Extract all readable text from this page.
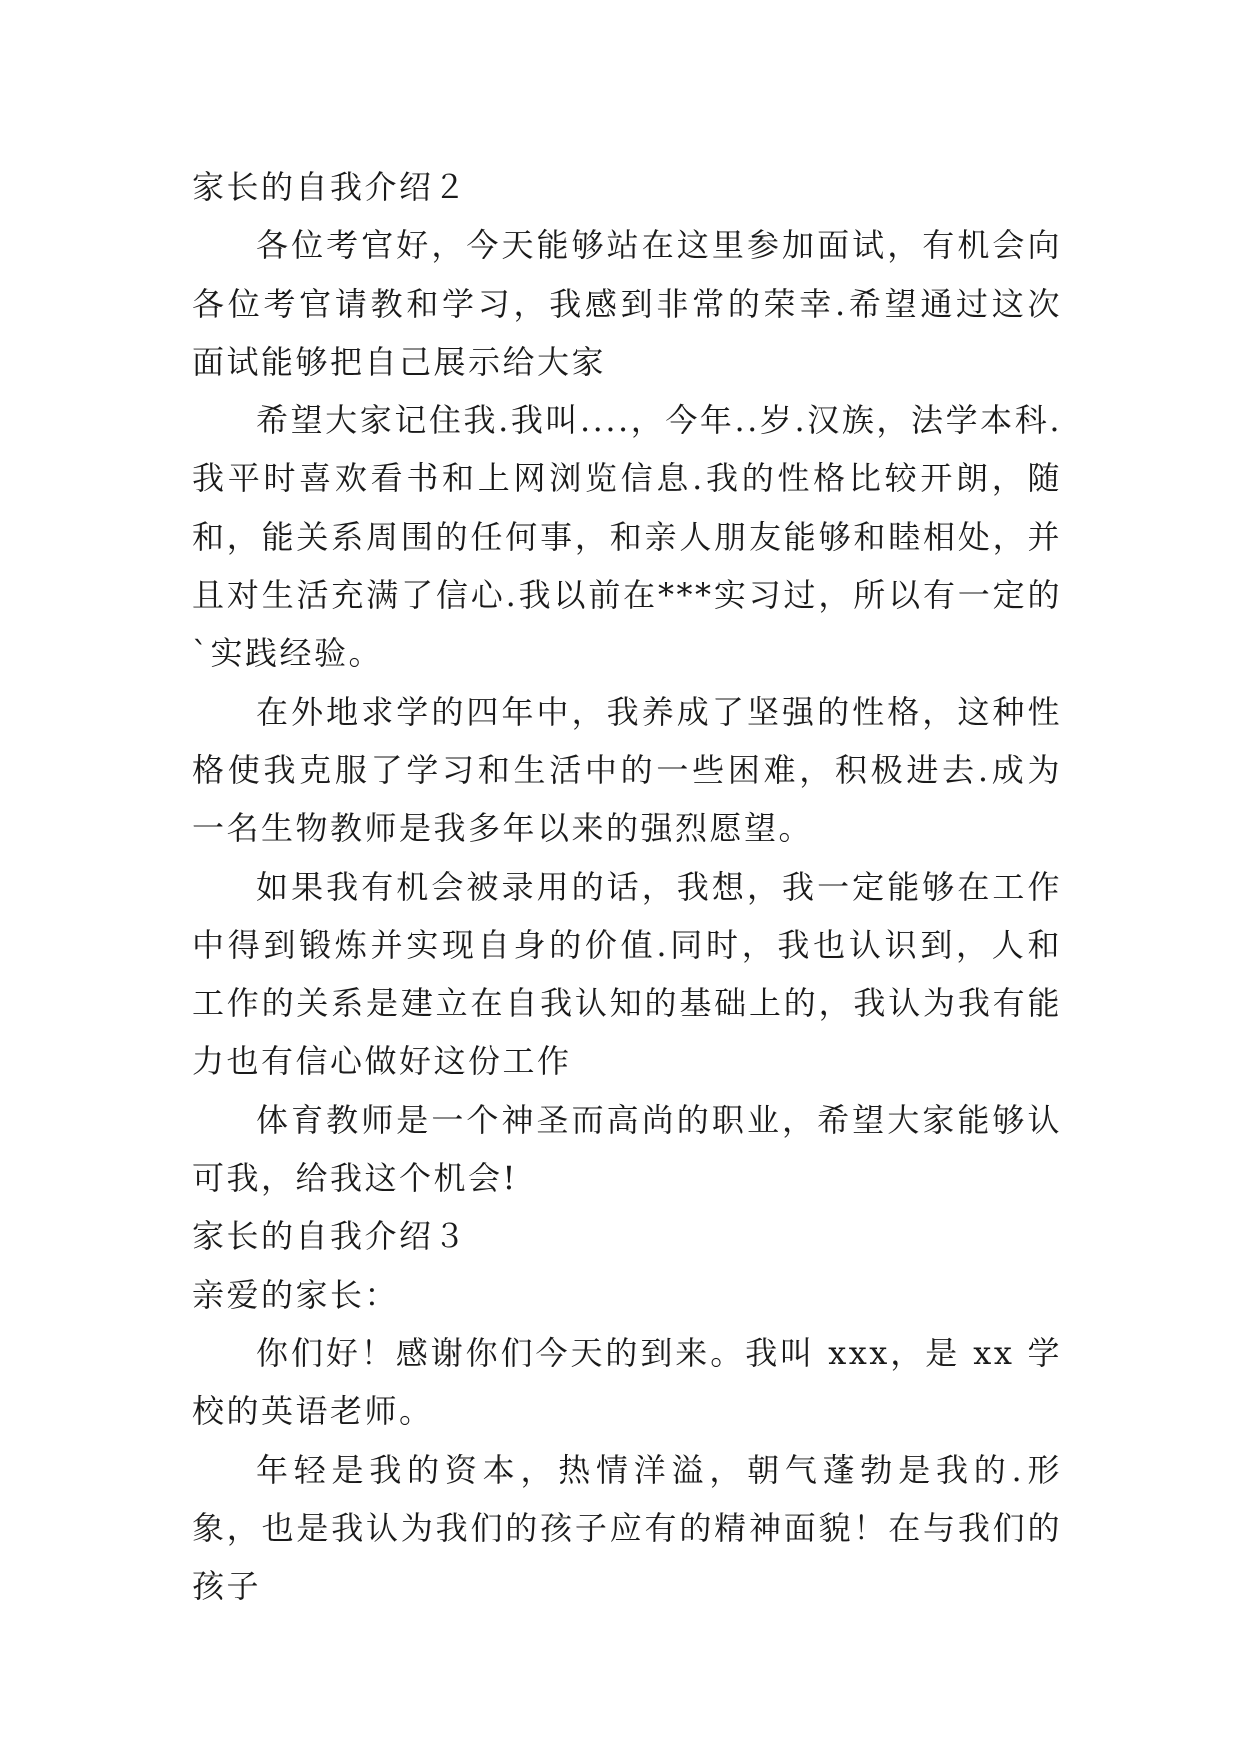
家长的自我介绍２

各位考官好，今天能够站在这里参加面试，有机会向各位考官请教和学习，我感到非常的荣幸.希望通过这次面试能够把自己展示给大家

希望大家记住我.我叫....，今年..岁.汉族，法学本科.我平时喜欢看书和上网浏览信息.我的性格比较开朗，随和，能关系周围的任何事，和亲人朋友能够和睦相处，并且对生活充满了信心.我以前在***实习过，所以有一定的`实践经验。

在外地求学的四年中，我养成了坚强的性格，这种性格使我克服了学习和生活中的一些困难，积极进去.成为一名生物教师是我多年以来的强烈愿望。

如果我有机会被录用的话，我想，我一定能够在工作中得到锻炼并实现自身的价值.同时，我也认识到，人和工作的关系是建立在自我认知的基础上的，我认为我有能力也有信心做好这份工作

体育教师是一个神圣而高尚的职业，希望大家能够认可我，给我这个机会!

家长的自我介绍３

亲爱的家长：

你们好！感谢你们今天的到来。我叫 xxx，是 xx 学校的英语老师。

年轻是我的资本，热情洋溢，朝气蓬勃是我的.形象，也是我认为我们的孩子应有的精神面貌！在与我们的孩子
